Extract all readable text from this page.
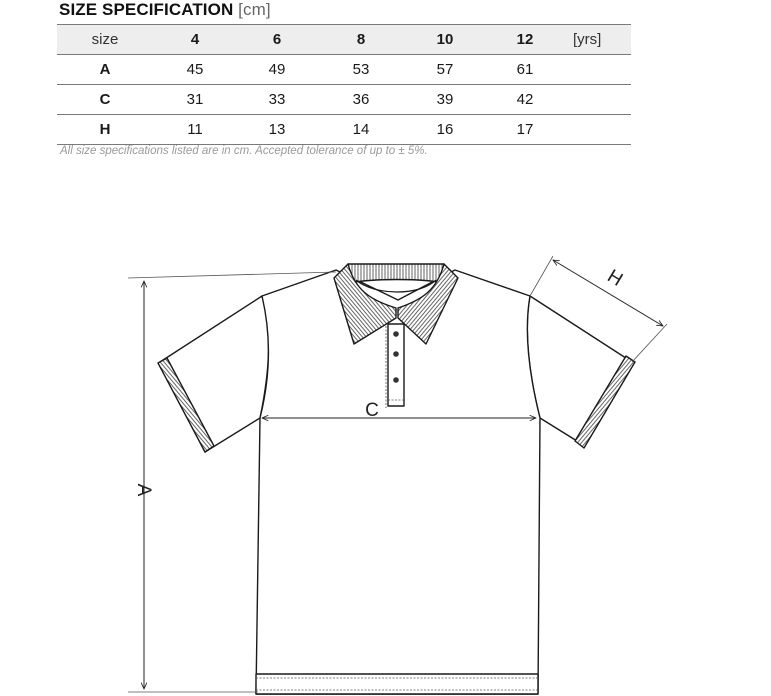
SIZE SPECIFICATION [cm]
size	4	6	8	10	12	[yrs]
A	45	49	53	57	61	
C	31	33	36	39	42	
H	11	13	14	16	17	
All size specifications listed are in cm. Accepted tolerance of up to ± 5%.
A
C
H
